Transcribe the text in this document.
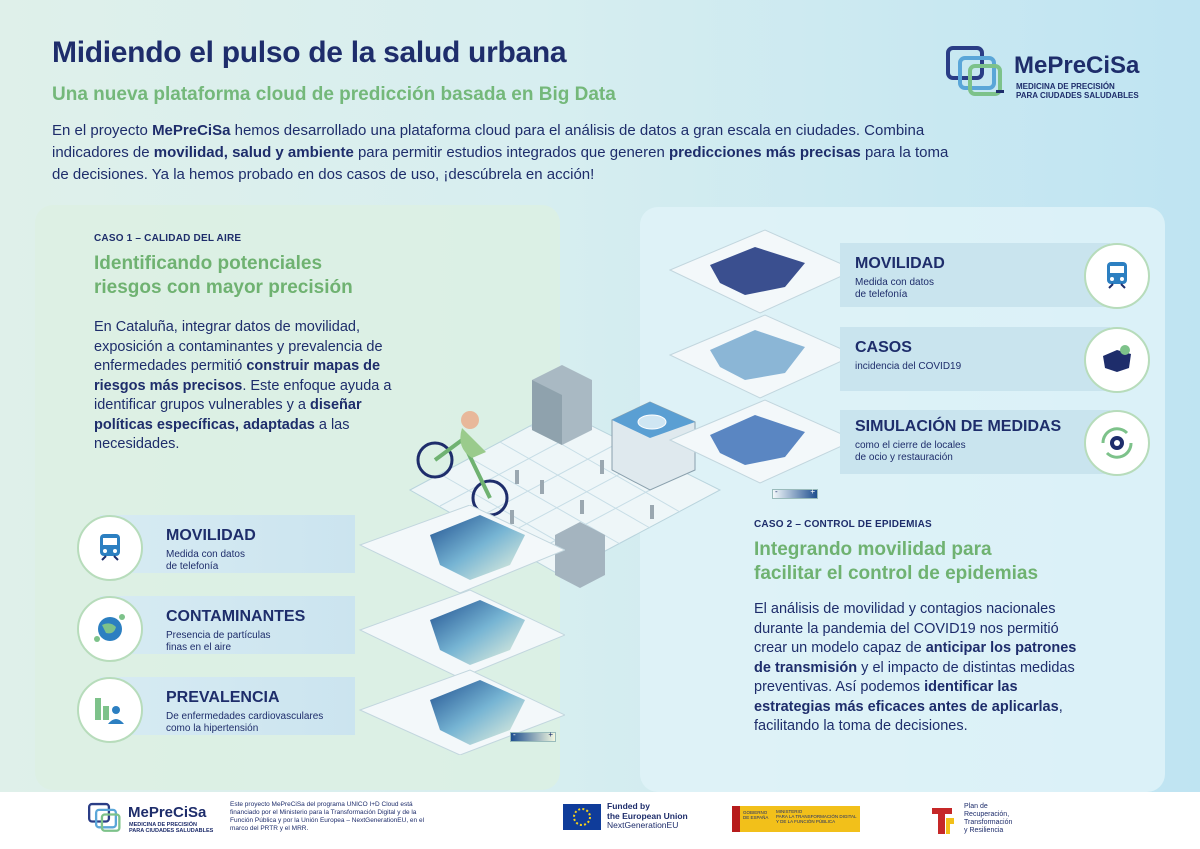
Midiendo el pulso de la salud urbana
Una nueva plataforma cloud de predicción basada en Big Data
En el proyecto MePreCiSa hemos desarrollado una plataforma cloud para el análisis de datos a gran escala en ciudades. Combina indicadores de movilidad, salud y ambiente para permitir estudios integrados que generen predicciones más precisas para la toma de decisiones. Ya la hemos probado en dos casos de uso, ¡descúbrela en acción!
MePreCiSa
MEDICINA DE PRECISIÓN
PARA CIUDADES SALUDABLES
CASO 1 – CALIDAD DEL AIRE
Identificando potenciales
riesgos con mayor precisión
En Cataluña, integrar datos de movilidad, exposición a contaminantes y prevalencia de enfermedades permitió construir mapas de riesgos más precisos. Este enfoque ayuda a identificar grupos vulnerables y a diseñar políticas específicas, adaptadas a las necesidades.
-	+
MOVILIDAD
Medida con datos
de telefonía
CONTAMINANTES
Presencia de partículas
finas en el aire
PREVALENCIA
De enfermedades cardiovasculares
como la hipertensión
-	+
MOVILIDAD
Medida con datos
de telefonía
CASOS
incidencia del COVID19
SIMULACIÓN DE MEDIDAS
como el cierre de locales
de ocio y restauración
CASO 2 – CONTROL DE EPIDEMIAS
Integrando movilidad para
facilitar el control de epidemias
El análisis de movilidad y contagios nacionales durante la pandemia del COVID19 nos permitió crear un modelo capaz de anticipar los patrones de transmisión y el impacto de distintas medidas preventivas. Así podemos identificar las estrategias más eficaces antes de aplicarlas, facilitando la toma de decisiones.
MePreCiSa
MEDICINA DE PRECISIÓN
PARA CIUDADES SALUDABLES
Este proyecto MePreCiSa del programa UNICO I+D Cloud está financiado por el Ministerio para la Transformación Digital y de la Función Pública y por la Unión Europea – NextGenerationEU, en el marco del PRTR y el MRR.
Funded by
the European Union
NextGenerationEU
GOBIERNO
DE ESPAÑA
MINISTERIO
PARA LA TRANSFORMACIÓN DIGITAL
Y DE LA FUNCIÓN PÚBLICA
Plan de
Recuperación,
Transformación
y Resiliencia
